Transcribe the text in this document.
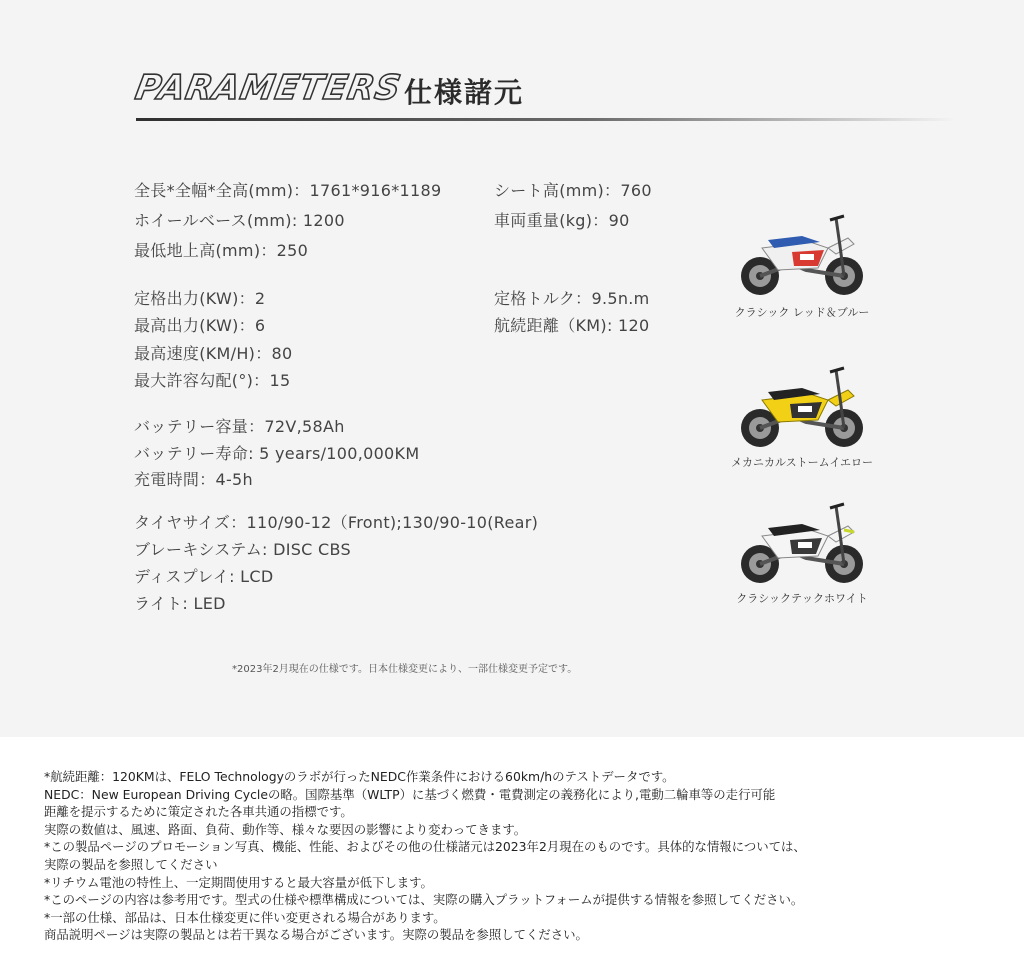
PARAMETERS 仕様諸元
全長*全幅*全高(mm)：1761*916*1189
ホイールベース(mm): 1200
最低地上高(mm)：250
シート高(mm)：760
車両重量(kg)：90
定格出力(KW)：2
最高出力(KW)：6
最高速度(KM/H)：80
最大許容勾配(°)：15
定格トルク：9.5n.m
航続距離（KM): 120
バッテリー容量：72V,58Ah
バッテリー寿命: 5 years/100,000KM
充電時間：4-5h
タイヤサイズ：110/90-12（Front);130/90-10(Rear)
ブレーキシステム: DISC CBS
ディスプレイ: LCD
ライト: LED
クラシック レッド＆ブルー
メカニカルストームイエロー
クラシックテックホワイト
*2023年2月現在の仕様です。日本仕様変更により、一部仕様変更予定です。
*航続距離：120KMは、FELO Technologyのラボが行ったNEDC作業条件における60km/hのテストデータです。
NEDC：New European Driving Cycleの略。国際基準（WLTP）に基づく燃費・電費測定の義務化により,電動二輪車等の走行可能
距離を提示するために策定された各車共通の指標です。
実際の数値は、風速、路面、負荷、動作等、様々な要因の影響により変わってきます。
*この製品ページのプロモーション写真、機能、性能、およびその他の仕様諸元は2023年2月現在のものです。具体的な情報については、
実際の製品を参照してください
*リチウム電池の特性上、一定期間使用すると最大容量が低下します。
*このページの内容は参考用です。型式の仕様や標準構成については、実際の購入プラットフォームが提供する情報を参照してください。
*一部の仕様、部品は、日本仕様変更に伴い変更される場合があります。
商品説明ページは実際の製品とは若干異なる場合がございます。実際の製品を参照してください。
